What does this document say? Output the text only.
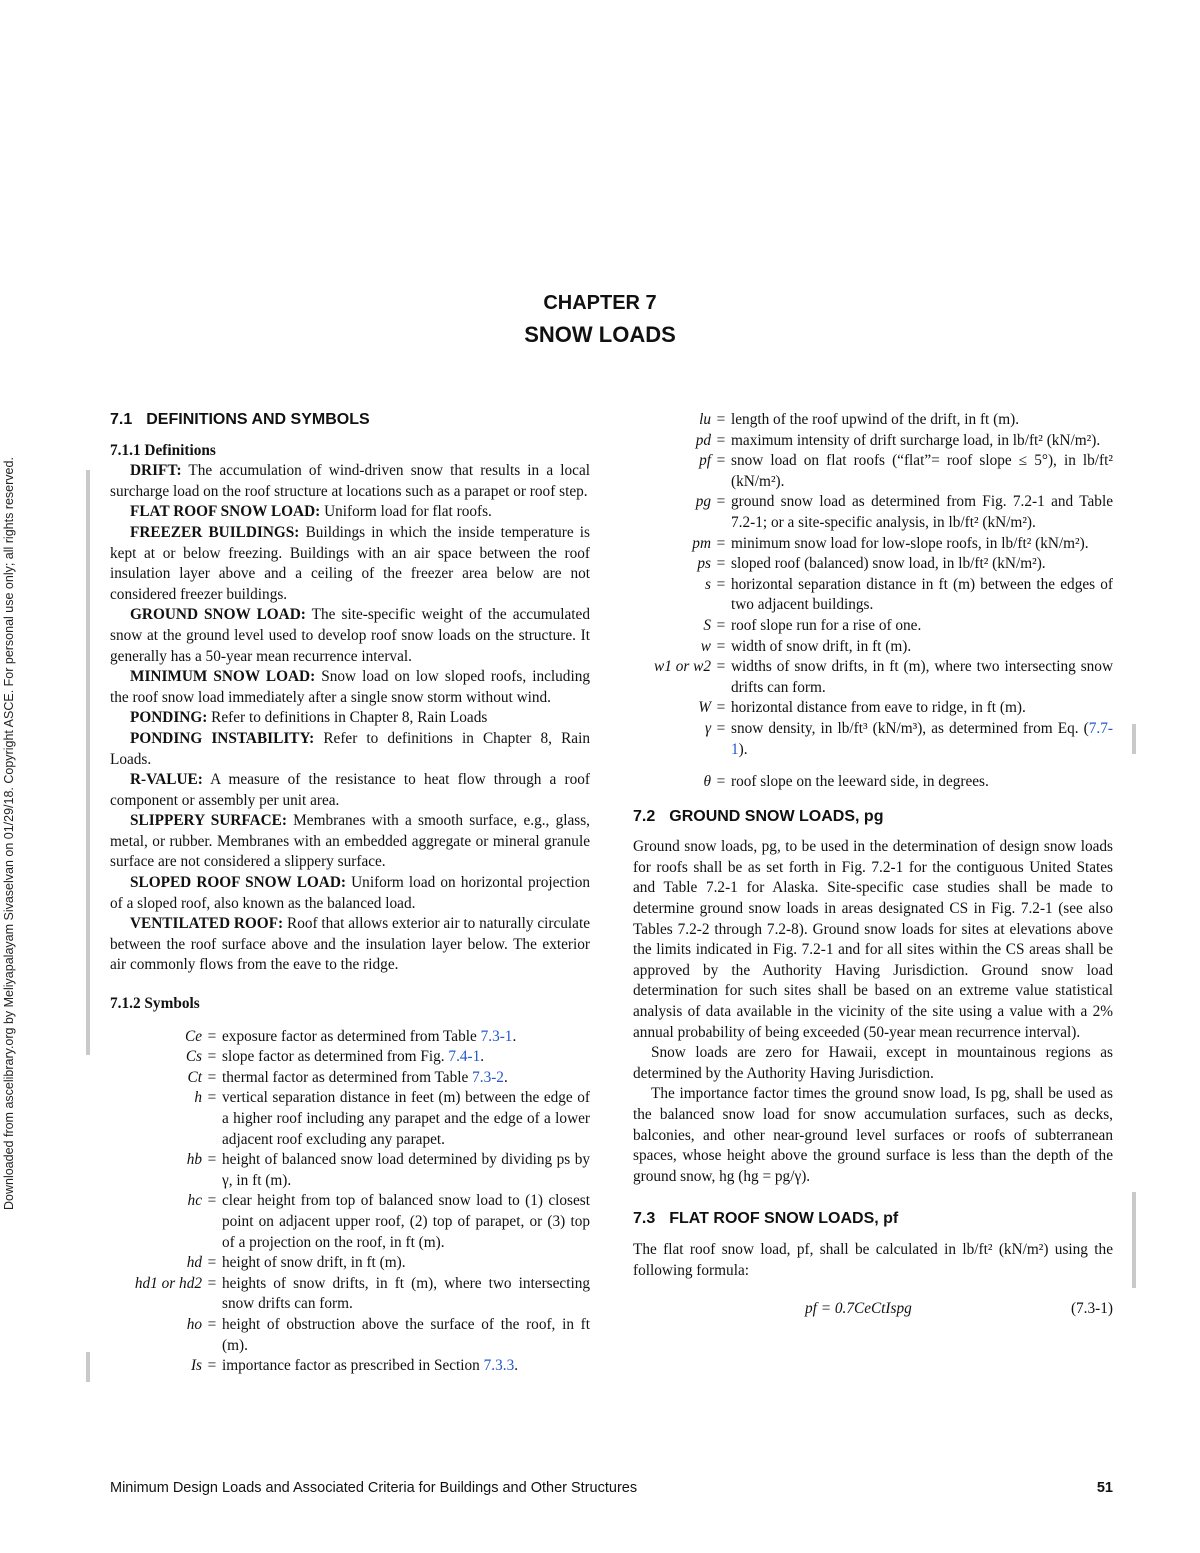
Downloaded from ascelibrary.org by Meliyapalayam Sivaselvan on 01/29/18. Copyright ASCE. For personal use only; all rights reserved.
CHAPTER 7
SNOW LOADS
7.1 DEFINITIONS AND SYMBOLS
7.1.1 Definitions

DRIFT: The accumulation of wind-driven snow that results in a local surcharge load on the roof structure at locations such as a parapet or roof step.

FLAT ROOF SNOW LOAD: Uniform load for flat roofs.

FREEZER BUILDINGS: Buildings in which the inside temperature is kept at or below freezing. Buildings with an air space between the roof insulation layer above and a ceiling of the freezer area below are not considered freezer buildings.

GROUND SNOW LOAD: The site-specific weight of the accumulated snow at the ground level used to develop roof snow loads on the structure. It generally has a 50-year mean recurrence interval.

MINIMUM SNOW LOAD: Snow load on low sloped roofs, including the roof snow load immediately after a single snow storm without wind.

PONDING: Refer to definitions in Chapter 8, Rain Loads

PONDING INSTABILITY: Refer to definitions in Chapter 8, Rain Loads.

R-VALUE: A measure of the resistance to heat flow through a roof component or assembly per unit area.

SLIPPERY SURFACE: Membranes with a smooth surface, e.g., glass, metal, or rubber. Membranes with an embedded aggregate or mineral granule surface are not considered a slippery surface.

SLOPED ROOF SNOW LOAD: Uniform load on horizontal projection of a sloped roof, also known as the balanced load.

VENTILATED ROOF: Roof that allows exterior air to naturally circulate between the roof surface above and the insulation layer below. The exterior air commonly flows from the eave to the ridge.

7.1.2 Symbols
Ce = exposure factor as determined from Table 7.3-1.
Cs = slope factor as determined from Fig. 7.4-1.
Ct = thermal factor as determined from Table 7.3-2.
h = vertical separation distance in feet (m) between the edge of a higher roof including any parapet and the edge of a lower adjacent roof excluding any parapet.
hb = height of balanced snow load determined by dividing ps by γ, in ft (m).
hc = clear height from top of balanced snow load to (1) closest point on adjacent upper roof, (2) top of parapet, or (3) top of a projection on the roof, in ft (m).
hd = height of snow drift, in ft (m).
hd1 or hd2 = heights of snow drifts, in ft (m), where two intersecting snow drifts can form.
ho = height of obstruction above the surface of the roof, in ft (m).
Is = importance factor as prescribed in Section 7.3.3.
lu = length of the roof upwind of the drift, in ft (m).
pd = maximum intensity of drift surcharge load, in lb/ft² (kN/m²).
pf = snow load on flat roofs (“flat”= roof slope ≤ 5°), in lb/ft² (kN/m²).
pg = ground snow load as determined from Fig. 7.2-1 and Table 7.2-1; or a site-specific analysis, in lb/ft² (kN/m²).
pm = minimum snow load for low-slope roofs, in lb/ft² (kN/m²).
ps = sloped roof (balanced) snow load, in lb/ft² (kN/m²).
s = horizontal separation distance in ft (m) between the edges of two adjacent buildings.
S = roof slope run for a rise of one.
w = width of snow drift, in ft (m).
w1 or w2 = widths of snow drifts, in ft (m), where two intersecting snow drifts can form.
W = horizontal distance from eave to ridge, in ft (m).
γ = snow density, in lb/ft³ (kN/m³), as determined from Eq. (7.7-1).
θ = roof slope on the leeward side, in degrees.
7.2 GROUND SNOW LOADS, pg

Ground snow loads, pg, to be used in the determination of design snow loads for roofs shall be as set forth in Fig. 7.2-1 for the contiguous United States and Table 7.2-1 for Alaska. Site-specific case studies shall be made to determine ground snow loads in areas designated CS in Fig. 7.2-1 (see also Tables 7.2-2 through 7.2-8). Ground snow loads for sites at elevations above the limits indicated in Fig. 7.2-1 and for all sites within the CS areas shall be approved by the Authority Having Jurisdiction. Ground snow load determination for such sites shall be based on an extreme value statistical analysis of data available in the vicinity of the site using a value with a 2% annual probability of being exceeded (50-year mean recurrence interval).

Snow loads are zero for Hawaii, except in mountainous regions as determined by the Authority Having Jurisdiction.

The importance factor times the ground snow load, Is pg, shall be used as the balanced snow load for snow accumulation surfaces, such as decks, balconies, and other near-ground level surfaces or roofs of subterranean spaces, whose height above the ground surface is less than the depth of the ground snow, hg (hg = pg/γ).

7.3 FLAT ROOF SNOW LOADS, pf

The flat roof snow load, pf, shall be calculated in lb/ft² (kN/m²) using the following formula:

pf = 0.7CeCtIspg	(7.3-1)
Minimum Design Loads and Associated Criteria for Buildings and Other Structures	51
